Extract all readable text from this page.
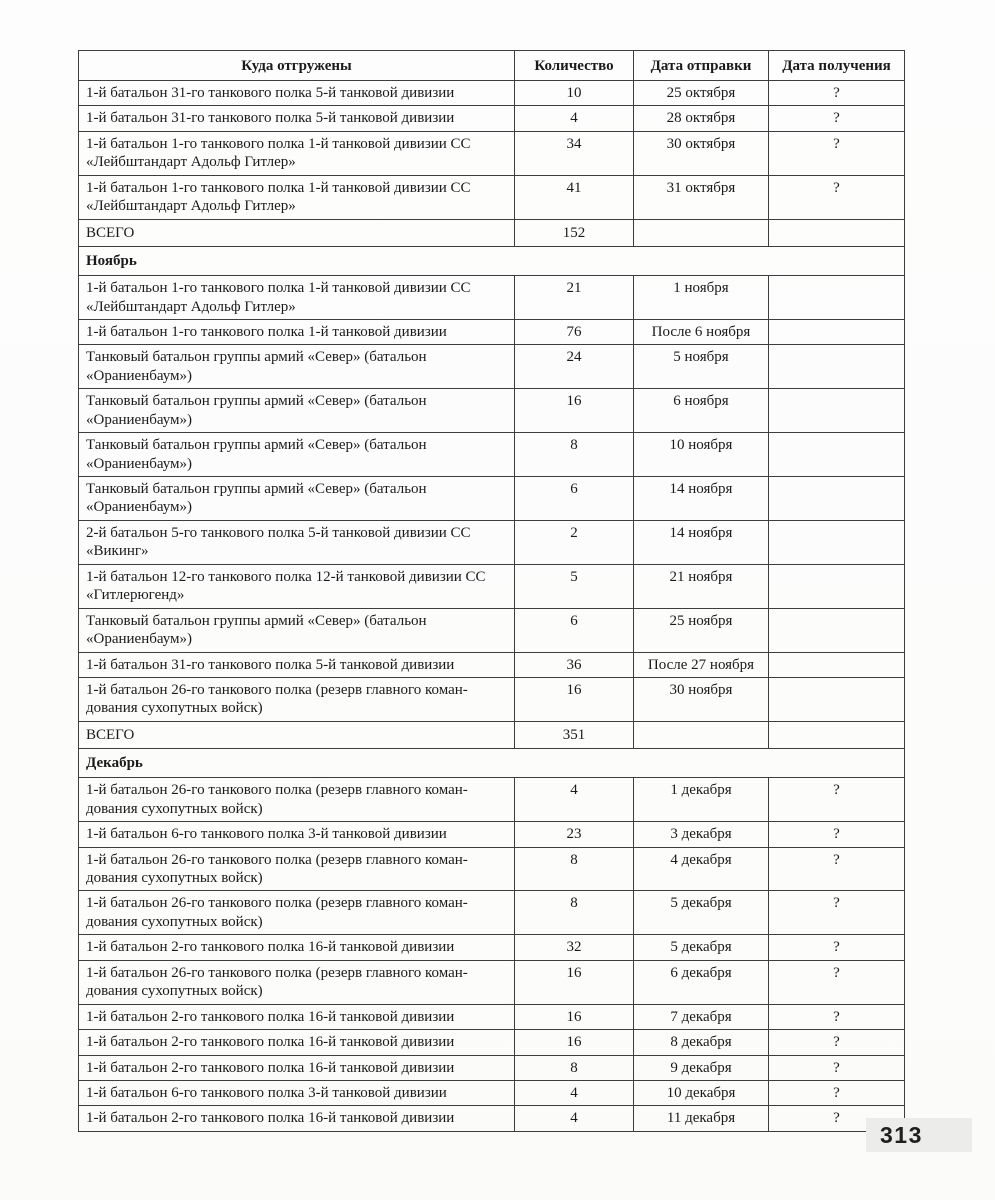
Куда отгружены	Количество	Дата отправки	Дата получения
1-й батальон 31-го танкового полка 5-й танковой дивизии	10	25 октября	?
1-й батальон 31-го танкового полка 5-й танковой дивизии	4	28 октября	?
1-й батальон 1-го танкового полка 1-й танковой дивизии СС «Лейбштандарт Адольф Гитлер»	34	30 октября	?
1-й батальон 1-го танкового полка 1-й танковой дивизии СС «Лейбштандарт Адольф Гитлер»	41	31 октября	?
ВСЕГО	152		
Ноябрь			
1-й батальон 1-го танкового полка 1-й танковой дивизии СС «Лейбштандарт Адольф Гитлер»	21	1 ноября	
1-й батальон 1-го танкового полка 1-й танковой дивизии	76	После 6 ноября	
Танковый батальон группы армий «Север» (батальон «Ораниенбаум»)	24	5 ноября	
Танковый батальон группы армий «Север» (батальон «Ораниенбаум»)	16	6 ноября	
Танковый батальон группы армий «Север» (батальон «Ораниенбаум»)	8	10 ноября	
Танковый батальон группы армий «Север» (батальон «Ораниенбаум»)	6	14 ноября	
2-й батальон 5-го танкового полка 5-й танковой дивизии СС «Викинг»	2	14 ноября	
1-й батальон 12-го танкового полка 12-й танковой дивизии СС «Гитлерюгенд»	5	21 ноября	
Танковый батальон группы армий «Север» (батальон «Ораниенбаум»)	6	25 ноября	
1-й батальон 31-го танкового полка 5-й танковой дивизии	36	После 27 ноября	
1-й батальон 26-го танкового полка (резерв главного коман-дования сухопутных войск)	16	30 ноября	
ВСЕГО	351		
Декабрь			
1-й батальон 26-го танкового полка (резерв главного коман-дования сухопутных войск)	4	1 декабря	?
1-й батальон 6-го танкового полка 3-й танковой дивизии	23	3 декабря	?
1-й батальон 26-го танкового полка (резерв главного коман-дования сухопутных войск)	8	4 декабря	?
1-й батальон 26-го танкового полка (резерв главного коман-дования сухопутных войск)	8	5 декабря	?
1-й батальон 2-го танкового полка 16-й танковой дивизии	32	5 декабря	?
1-й батальон 26-го танкового полка (резерв главного коман-дования сухопутных войск)	16	6 декабря	?
1-й батальон 2-го танкового полка 16-й танковой дивизии	16	7 декабря	?
1-й батальон 2-го танкового полка 16-й танковой дивизии	16	8 декабря	?
1-й батальон 2-го танкового полка 16-й танковой дивизии	8	9 декабря	?
1-й батальон 6-го танкового полка 3-й танковой дивизии	4	10 декабря	?
1-й батальон 2-го танкового полка 16-й танковой дивизии	4	11 декабря	?
313
